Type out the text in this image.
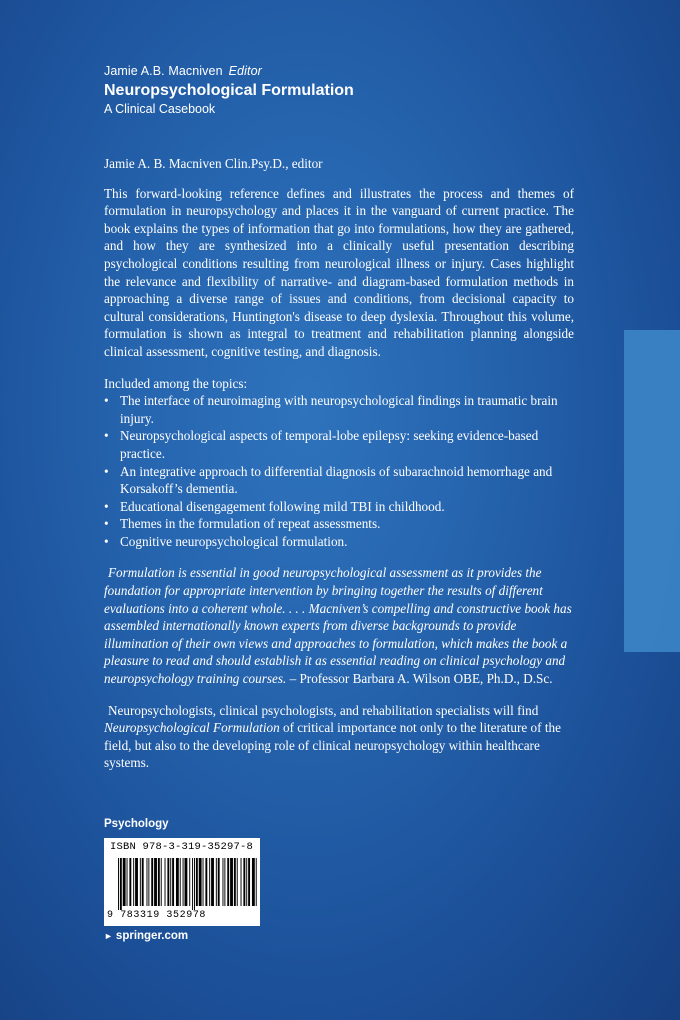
Jamie A.B. Macniven Editor
Neuropsychological Formulation
A Clinical Casebook
Jamie A. B. Macniven Clin.Psy.D., editor

This forward-looking reference defines and illustrates the process and themes of formulation in neuropsychology and places it in the vanguard of current practice. The book explains the types of information that go into formulations, how they are gathered, and how they are synthesized into a clinically useful presentation describing psychological conditions resulting from neurological illness or injury. Cases highlight the relevance and flexibility of narrative- and diagram-based formulation methods in approaching a diverse range of issues and conditions, from decisional capacity to cultural considerations, Huntington's disease to deep dyslexia. Throughout this volume, formulation is shown as integral to treatment and rehabilitation planning alongside clinical assessment, cognitive testing, and diagnosis.

Included among the topics:

• The interface of neuroimaging with neuropsychological findings in traumatic brain injury.
• Neuropsychological aspects of temporal-lobe epilepsy: seeking evidence-based practice.
• An integrative approach to differential diagnosis of subarachnoid hemorrhage and Korsakoff’s dementia.
• Educational disengagement following mild TBI in childhood.
• Themes in the formulation of repeat assessments.
• Cognitive neuropsychological formulation.

Formulation is essential in good neuropsychological assessment as it provides the foundation for appropriate intervention by bringing together the results of different evaluations into a coherent whole. . . . Macniven’s compelling and constructive book has assembled internationally known experts from diverse backgrounds to provide illumination of their own views and approaches to formulation, which makes the book a pleasure to read and should establish it as essential reading on clinical psychology and neuropsychology training courses. – Professor Barbara A. Wilson OBE, Ph.D., D.Sc.

Neuropsychologists, clinical psychologists, and rehabilitation specialists will find Neuropsychological Formulation of critical importance not only to the literature of the field, but also to the developing role of clinical neuropsychology within healthcare systems.

Psychology
ISBN 978-3-319-35297-8
9 783319 352978
► springer.com
